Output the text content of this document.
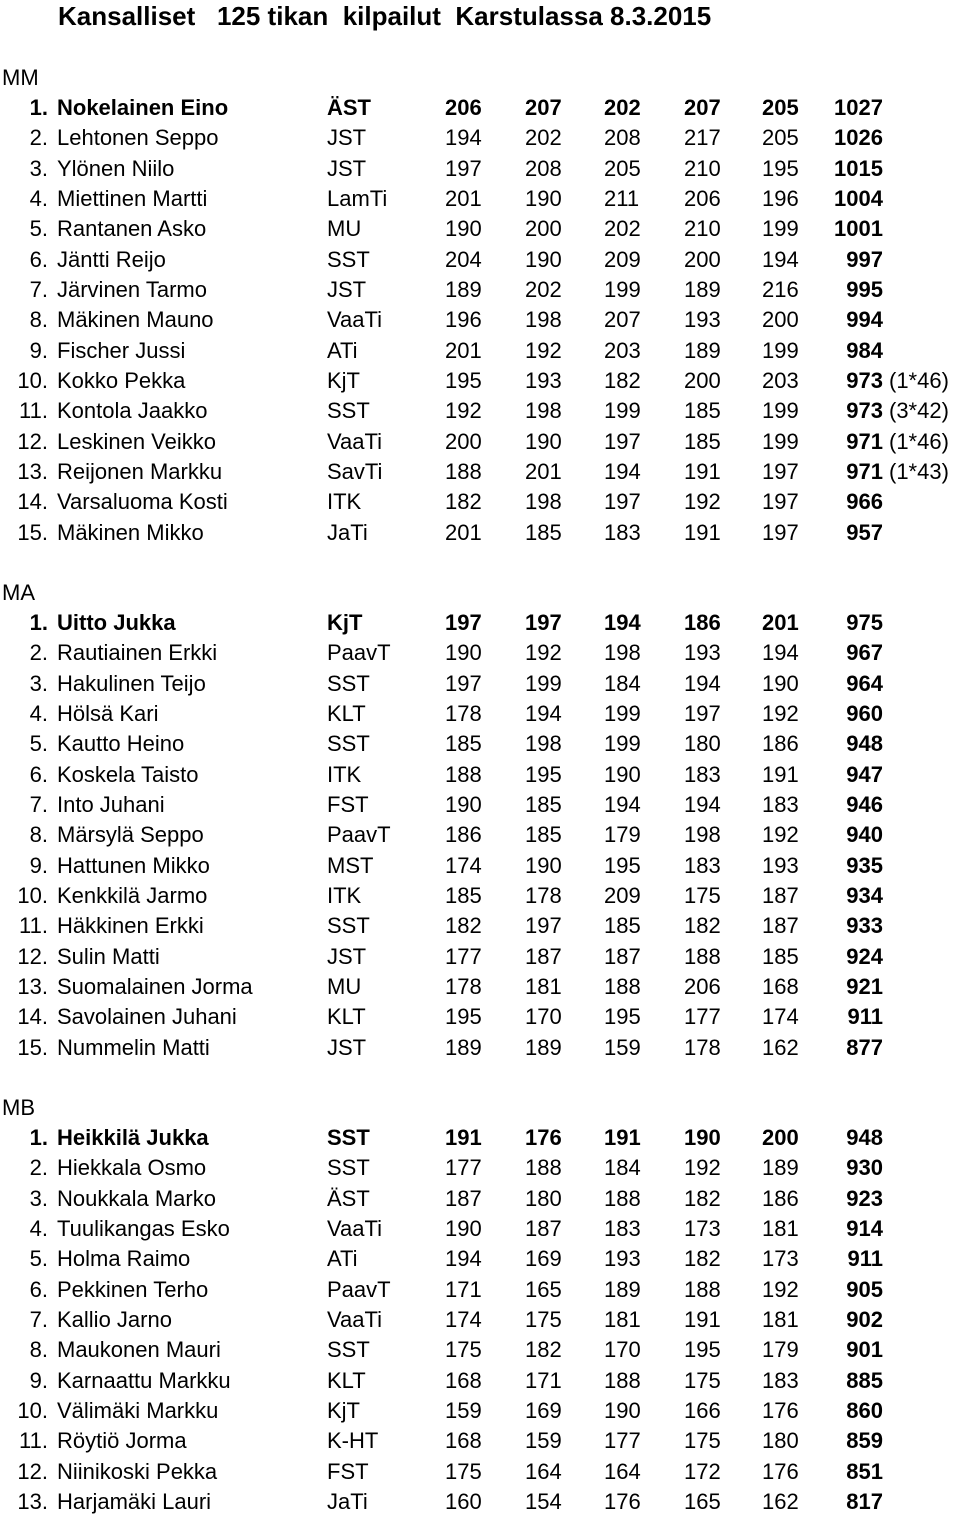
Kansalliset   125 tikan  kilpailut  Karstulassa 8.3.2015
MM
1. Nokelainen Eino	ÄST	206 207 202 207 205 1027
2. Lehtonen Seppo	JST	194 202 208 217 205 1026
3. Ylönen Niilo	JST	197 208 205 210 195 1015
4. Miettinen Martti	LamTi	201 190 211 206 196 1004
5. Rantanen Asko	MU	190 200 202 210 199 1001
6. Jäntti Reijo	SST	204 190 209 200 194	997
7. Järvinen Tarmo	JST	189 202 199 189 216	995
8. Mäkinen Mauno	VaaTi	196 198 207 193 200	994
9. Fischer Jussi	ATi	201 192 203 189 199	984
10. Kokko Pekka	KjT	195 193 182 200 203	973 (1*46)
11. Kontola Jaakko	SST	192 198 199 185 199	973 (3*42)
12. Leskinen Veikko	VaaTi	200 190 197 185 199	971 (1*46)
13. Reijonen Markku	SavTi	188 201 194 191 197	971 (1*43)
14. Varsaluoma Kosti	ITK	182 198 197 192 197	966
15. Mäkinen Mikko	JaTi	201 185 183 191 197	957
MA
1. Uitto Jukka	KjT	197 197 194 186 201	975
2. Rautiainen Erkki	PaavT 190 192 198 193 194	967
3. Hakulinen Teijo	SST	197 199 184 194 190	964
4. Hölsä Kari	KLT	178 194 199 197 192	960
5. Kautto Heino	SST	185 198 199 180 186	948
6. Koskela Taisto	ITK	188 195 190 183 191	947
7. Into Juhani	FST	190 185 194 194 183	946
8. Märsylä Seppo	PaavT 186 185 179 198 192	940
9. Hattunen Mikko	MST	174 190 195 183 193	935
10. Kenkkilä Jarmo	ITK	185 178 209 175 187	934
11. Häkkinen Erkki	SST	182 197 185 182 187	933
12. Sulin Matti	JST	177 187 187 188 185	924
13. Suomalainen Jorma	MU	178 181 188 206 168	921
14. Savolainen Juhani	KLT	195 170 195 177 174	911
15. Nummelin Matti	JST	189 189 159 178 162	877
MB
1. Heikkilä Jukka	SST	191 176 191 190 200	948
2. Hiekkala Osmo	SST	177 188 184 192 189	930
3. Noukkala Marko	ÄST	187 180 188 182 186	923
4. Tuulikangas Esko	VaaTi	190 187 183 173 181	914
5. Holma Raimo	ATi	194 169 193 182 173	911
6. Pekkinen Terho	PaavT 171 165 189 188 192	905
7. Kallio Jarno	VaaTi	174 175 181 191 181	902
8. Maukonen Mauri	SST	175 182 170 195 179	901
9. Karnaattu Markku	KLT	168 171 188 175 183	885
10. Välimäki Markku	KjT	159 169 190 166 176	860
11. Röytiö Jorma	K-HT	168 159 177 175 180	859
12. Niinikoski Pekka	FST	175 164 164 172 176	851
13. Harjamäki Lauri	JaTi	160 154 176 165 162	817
